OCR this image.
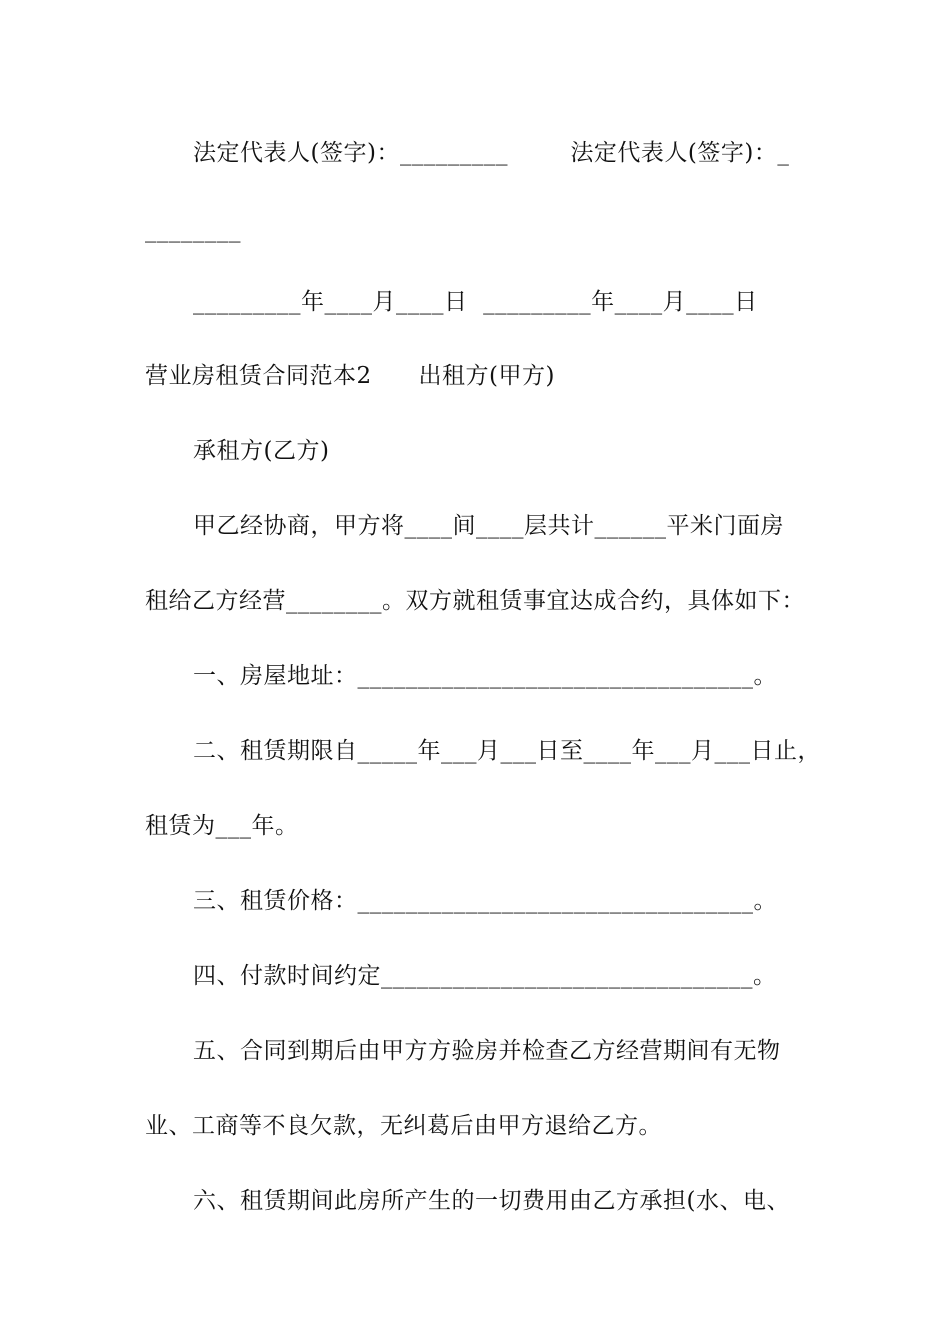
法定代表人(签字)：_________        法定代表人(签字)：_
________
_________年____月____日  _________年____月____日
营业房租赁合同范本2      出租方(甲方)
承租方(乙方)
甲乙经协商，甲方将____间____层共计______平米门面房
租给乙方经营________。双方就租赁事宜达成合约，具体如下：
一、房屋地址：_________________________________。
二、租赁期限自_____年___月___日至____年___月___日止，
租赁为___年。
三、租赁价格：_________________________________。
四、付款时间约定_______________________________。
五、合同到期后由甲方方验房并检查乙方经营期间有无物
业、工商等不良欠款，无纠葛后由甲方退给乙方。
六、租赁期间此房所产生的一切费用由乙方承担(水、电、
